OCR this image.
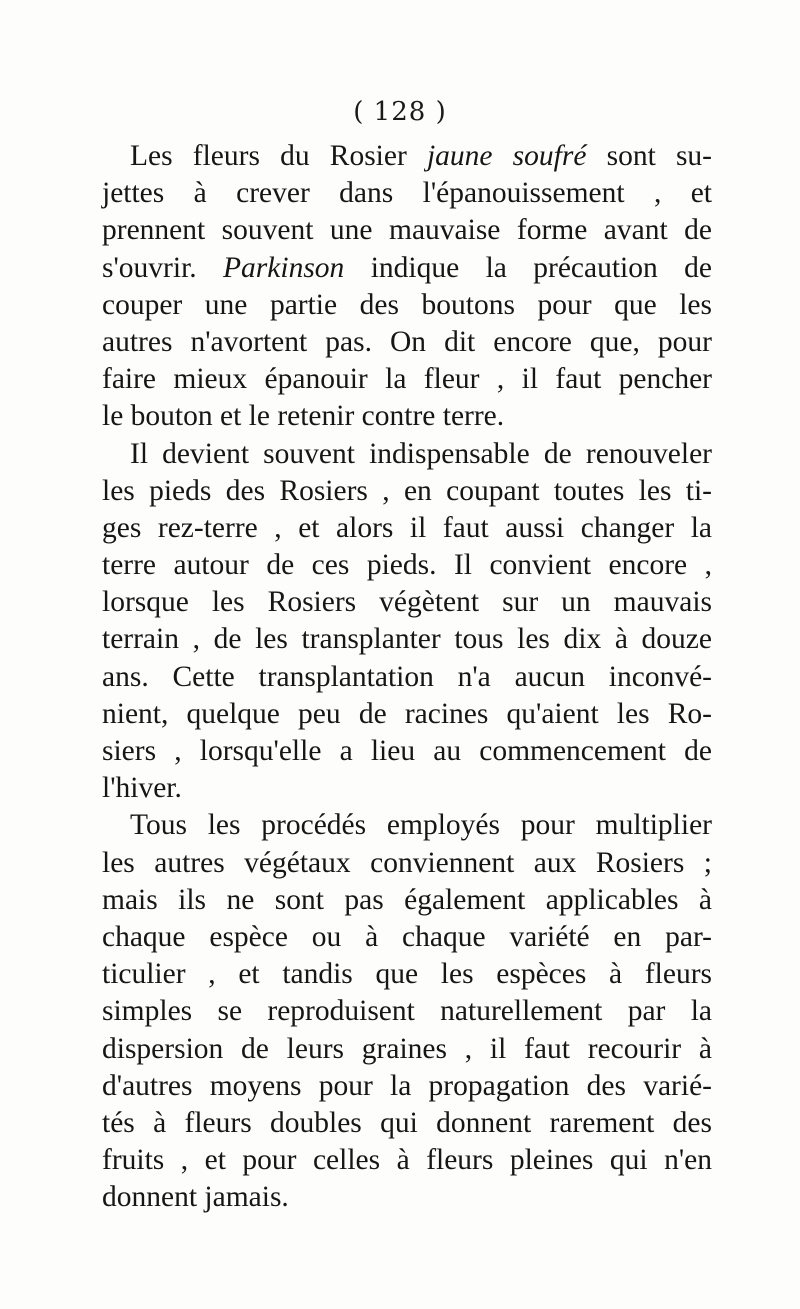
( 128 )
Les fleurs du Rosier jaune soufré sont su-
jettes à crever dans l'épanouissement , et
prennent souvent une mauvaise forme avant de
s'ouvrir. Parkinson indique la précaution de
couper une partie des boutons pour que les
autres n'avortent pas. On dit encore que, pour
faire mieux épanouir la fleur , il faut pencher
le bouton et le retenir contre terre.
Il devient souvent indispensable de renouveler
les pieds des Rosiers , en coupant toutes les ti-
ges rez-terre , et alors il faut aussi changer la
terre autour de ces pieds. Il convient encore ,
lorsque les Rosiers végètent sur un mauvais
terrain , de les transplanter tous les dix à douze
ans. Cette transplantation n'a aucun inconvé-
nient, quelque peu de racines qu'aient les Ro-
siers , lorsqu'elle a lieu au commencement de
l'hiver.
Tous les procédés employés pour multiplier
les autres végétaux conviennent aux Rosiers ;
mais ils ne sont pas également applicables à
chaque espèce ou à chaque variété en par-
ticulier , et tandis que les espèces à fleurs
simples se reproduisent naturellement par la
dispersion de leurs graines , il faut recourir à
d'autres moyens pour la propagation des varié-
tés à fleurs doubles qui donnent rarement des
fruits , et pour celles à fleurs pleines qui n'en
donnent jamais.
